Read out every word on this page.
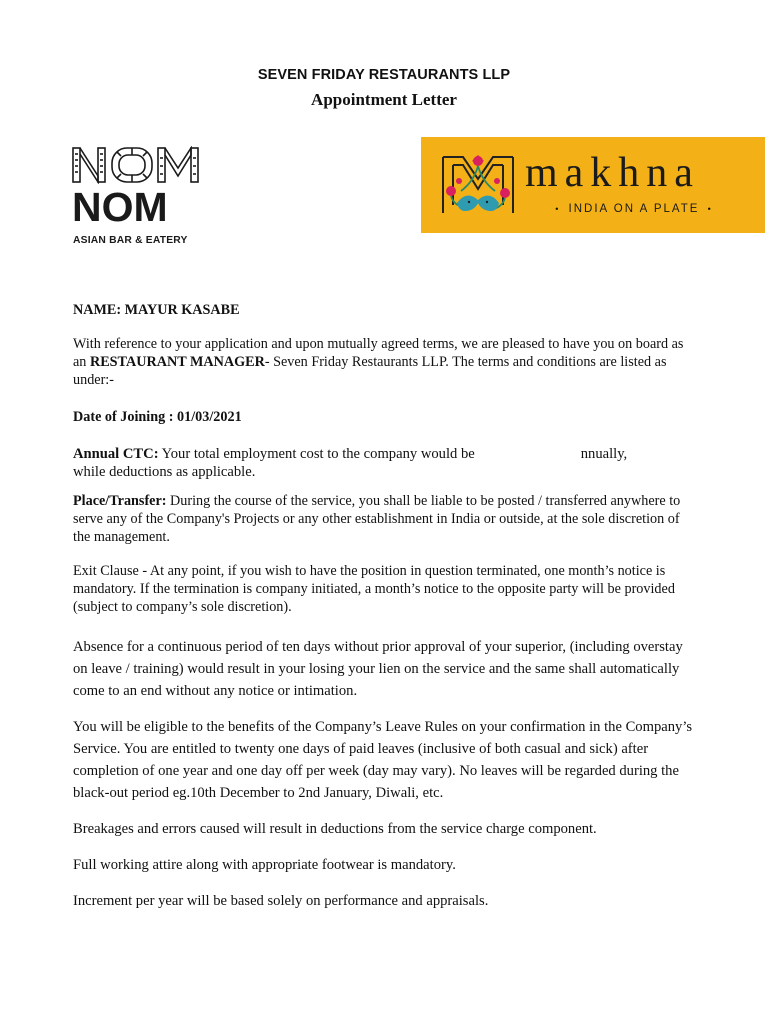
SEVEN FRIDAY RESTAURANTS LLP
Appointment Letter
NOM
ASIAN BAR & EATERY
makhna
• INDIA ON A PLATE •

NAME: MAYUR KASABE

With reference to your application and upon mutually agreed terms, we are pleased to have you on board as an RESTAURANT MANAGER- Seven Friday Restaurants LLP. The terms and conditions are listed as under:-

Date of Joining : 01/03/2021

Annual CTC: Your total employment cost to the company would be	nnually,
while deductions as applicable.

Place/Transfer: During the course of the service, you shall be liable to be posted / transferred anywhere to serve any of the Company's Projects or any other establishment in India or outside, at the sole discretion of the management.

Exit Clause - At any point, if you wish to have the position in question terminated, one month’s notice is mandatory. If the termination is company initiated, a month’s notice to the opposite party will be provided (subject to company’s sole discretion).

Absence for a continuous period of ten days without prior approval of your superior, (including overstay on leave / training) would result in your losing your lien on the service and the same shall automatically come to an end without any notice or intimation.

You will be eligible to the benefits of the Company’s Leave Rules on your confirmation in the Company’s Service. You are entitled to twenty one days of paid leaves (inclusive of both casual and sick) after completion of one year and one day off per week (day may vary). No leaves will be regarded during the black-out period eg.10th December to 2nd January, Diwali, etc.

Breakages and errors caused will result in deductions from the service charge component.

Full working attire along with appropriate footwear is mandatory.

Increment per year will be based solely on performance and appraisals.
